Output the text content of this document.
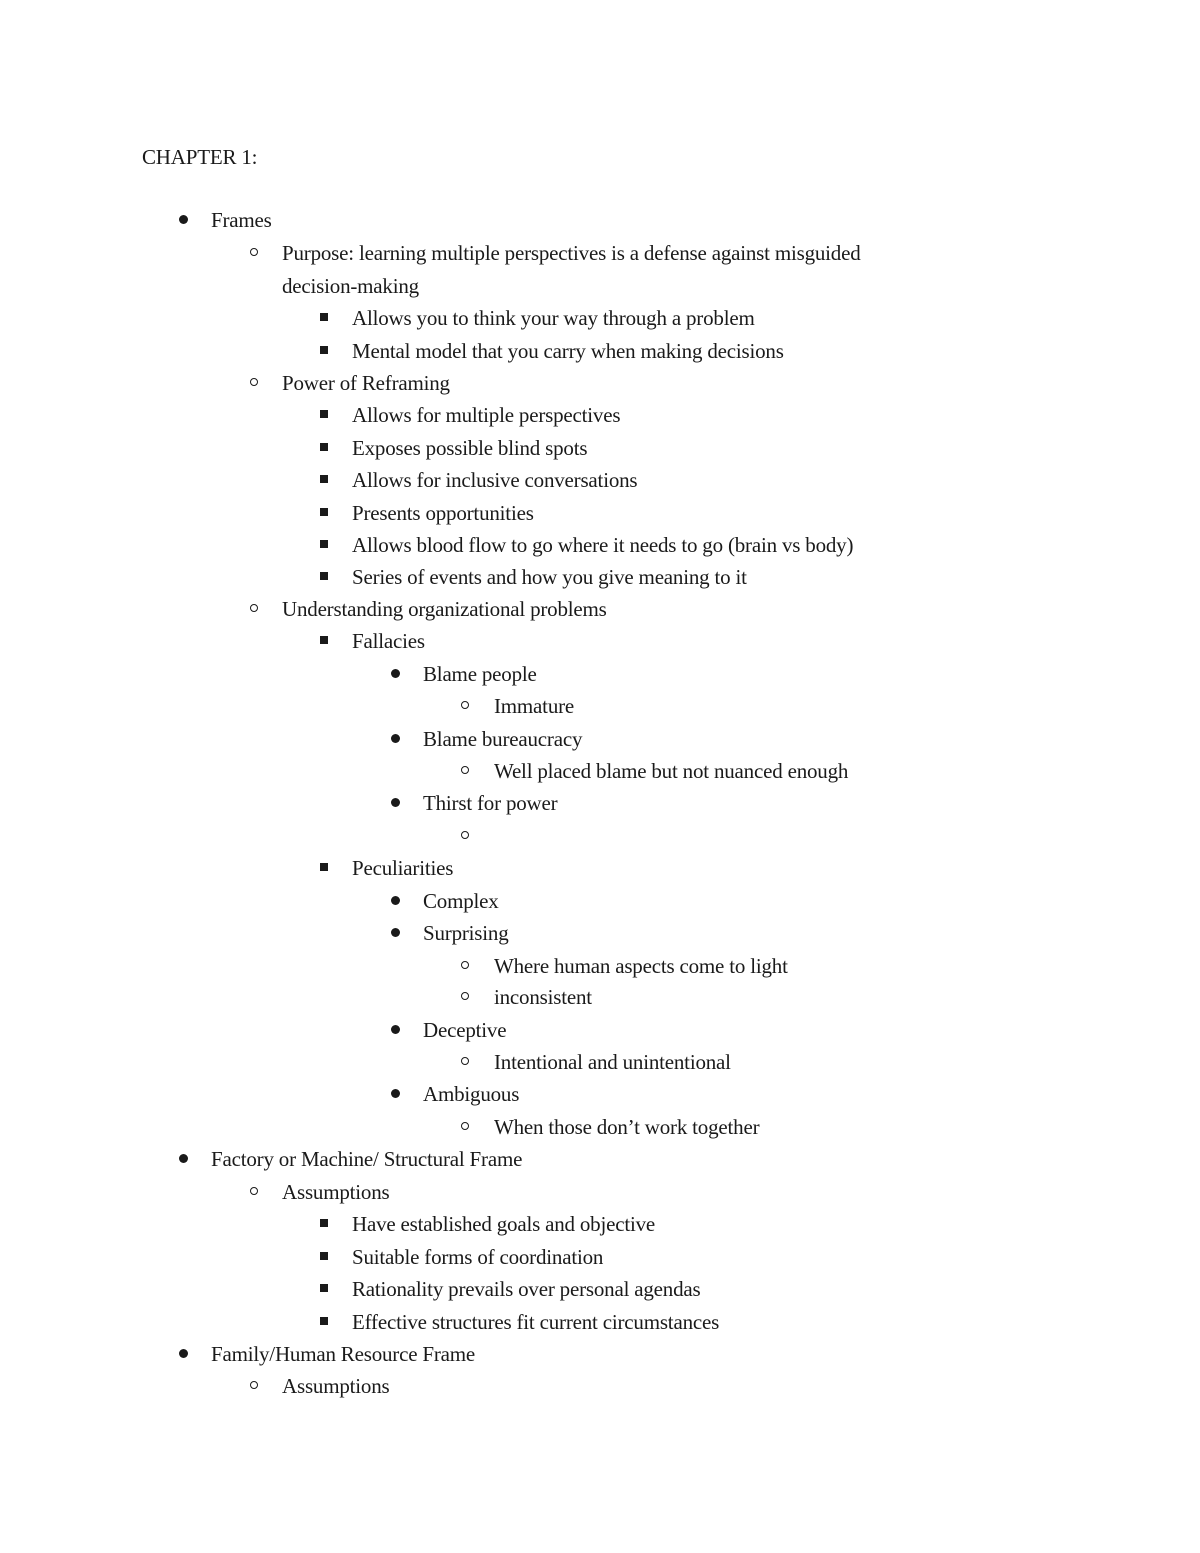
CHAPTER 1:
Frames
Purpose: learning multiple perspectives is a defense against misguided
decision-making
Allows you to think your way through a problem
Mental model that you carry when making decisions
Power of Reframing
Allows for multiple perspectives
Exposes possible blind spots
Allows for inclusive conversations
Presents opportunities
Allows blood flow to go where it needs to go (brain vs body)
Series of events and how you give meaning to it
Understanding organizational problems
Fallacies
Blame people
Immature
Blame bureaucracy
Well placed blame but not nuanced enough
Thirst for power
Peculiarities
Complex
Surprising
Where human aspects come to light
inconsistent
Deceptive
Intentional and unintentional
Ambiguous
When those don’t work together
Factory or Machine/ Structural Frame
Assumptions
Have established goals and objective
Suitable forms of coordination
Rationality prevails over personal agendas
Effective structures fit current circumstances
Family/Human Resource Frame
Assumptions
